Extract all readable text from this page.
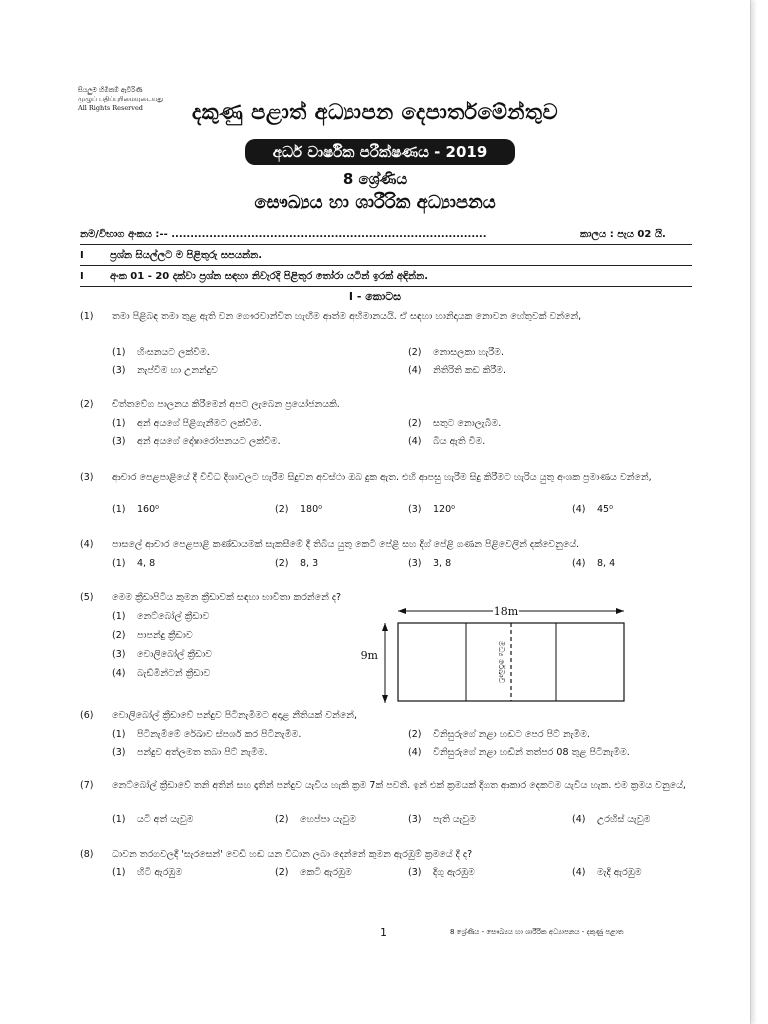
සියලුම හිමිකම් ඇවිරිණි
முழுப் பதிப்புரிமையுடையது
All Rights Reserved	දකුණු පළාත් අධ්‍යාපන දෙපාර්තමේන්තුව
අර්ධ වාර්ෂික පරීක්ෂණය - 2019
8 ශ්‍රේණිය
සෞඛ්‍යය හා ශාරීරික අධ්‍යාපනය
නම/විභාග අංකය :-- ...................................................................................	කාලය : පැය 02 යි.
I	ප්‍රශ්න සියල්ලට ම පිළිතුරු සපයන්න.
I	අංක 01 - 20 දක්වා ප්‍රශ්න සඳහා නිවැරදි පිළිතුර තෝරා යටින් ඉරක් අඳින්න.
I - කොටස
(1)	තමා පිළිබඳ තමා තුළ ඇති වන ගෞරවාන්විත හැඟීම ආත්ම අභිමානයයි. ඒ සඳහා හානිදායක නොවන හේතුවක් වන්නේ,
(1) හිංසනයට ලක්වීම.	(2) නොසලකා හැරීම.
(3) නැප්වීම හා උනන්දුව	(4) නිතිරිති කඩ කිරීම.
(2)	චිත්තවේග පාලනය කිරීමෙන් අපට ලැබෙන ප්‍රයෝජනයකි.
(1) අන් අයගේ පිළිගැනීමට ලක්වීම.	(2) සතුට නොලැබීම.
(3) අන් අයගේ දෝෂාරෝපනයට ලක්වීම.	(4) බිය ඇති වීම.
(3)	ආචාර පෙළපාළියේ දී විවිධ දිශාවලට හැරීම සිදුවන අවස්ථා ඔබ දුක ඇත. එහි ආපසු හැරීම සිදු කිරීමට හැරිය යුතු අංශක ප්‍රමාණය වන්නේ,
(1) 160⁰	(2) 180⁰	(3) 120⁰	(4) 45⁰
(4)	පාසලේ ආචාර පෙළපාළි කණ්ඩායමක් සැකසීමේ දී තිබිය යුතු කෙටි පේළි සහ දිග් පේළි ගණන පිළිවෙලින් දක්වෙනුයේ.
(1) 4, 8	(2) 8, 3	(3) 3, 8	(4) 8, 4
(5)	මෙම ක්‍රීඩාපිටිය කුමන ක්‍රීඩාවක් සඳහා භාවිතා කරන්නේ ද?
(1) නෙට්බෝල් ක්‍රීඩාව
(2) පාපන්දු ක්‍රීඩාව
(3) වොලිබෝල් ක්‍රීඩාව
(4) බැඩ්මින්ටන් ක්‍රීඩාව
18m
9m	මධ්‍ය රේඛාව
(6)	වොලිබෝල් ක්‍රීඩාවේ පන්දුව පිටිනැමීමට අදාළ නීතියක් වන්නේ,
(1) පිටිනැමීමේ රේඛාව ස්පර්ශ කර පිටිනැමීම.	(2) විනිසුරුගේ නළා හඬට පෙර පිට් නැමීම.
(3) පන්දුව අත්ලමත තබා පිට් නැමීම.	(4) විනිසුරුගේ නළා හඬින් තත්පර 08 තුළ පිටිනැමීම.
(7)	නෙට්බෝල් ක්‍රීඩාවේ තනි අතින් සහ දෑතින් පන්දුව යැවිය හැකි ක්‍රම 7ක් පවතී. ඉන් එක් ක්‍රමයක් දිගත ආකාර දෙකටම යැවිය හැක. එම ක්‍රමය වනුයේ,
(1) යටි අත් යැවුම	(2) හෙප්පා යැවුම	(3) පැති යැවුම	(4) උරහිස් යැවුම
(8)	ධාවන තරගවලදී 'සැරසෙන්' වෙඩි හඬ යන විධාන ලබා දෙන්නේ කුමන ඇරඹුම් ක්‍රමයේ දී ද?
(1) හිටි ඇරඹුම	(2) කෙටි ඇරඹුම	(3) දිගු ඇරඹුම	(4) මැදි ඇරඹුම
1	8 ශ්‍රේණිය - සෞඛ්‍යය හා ශාරීරික අධ්‍යාපනය - දකුණු පළාත
